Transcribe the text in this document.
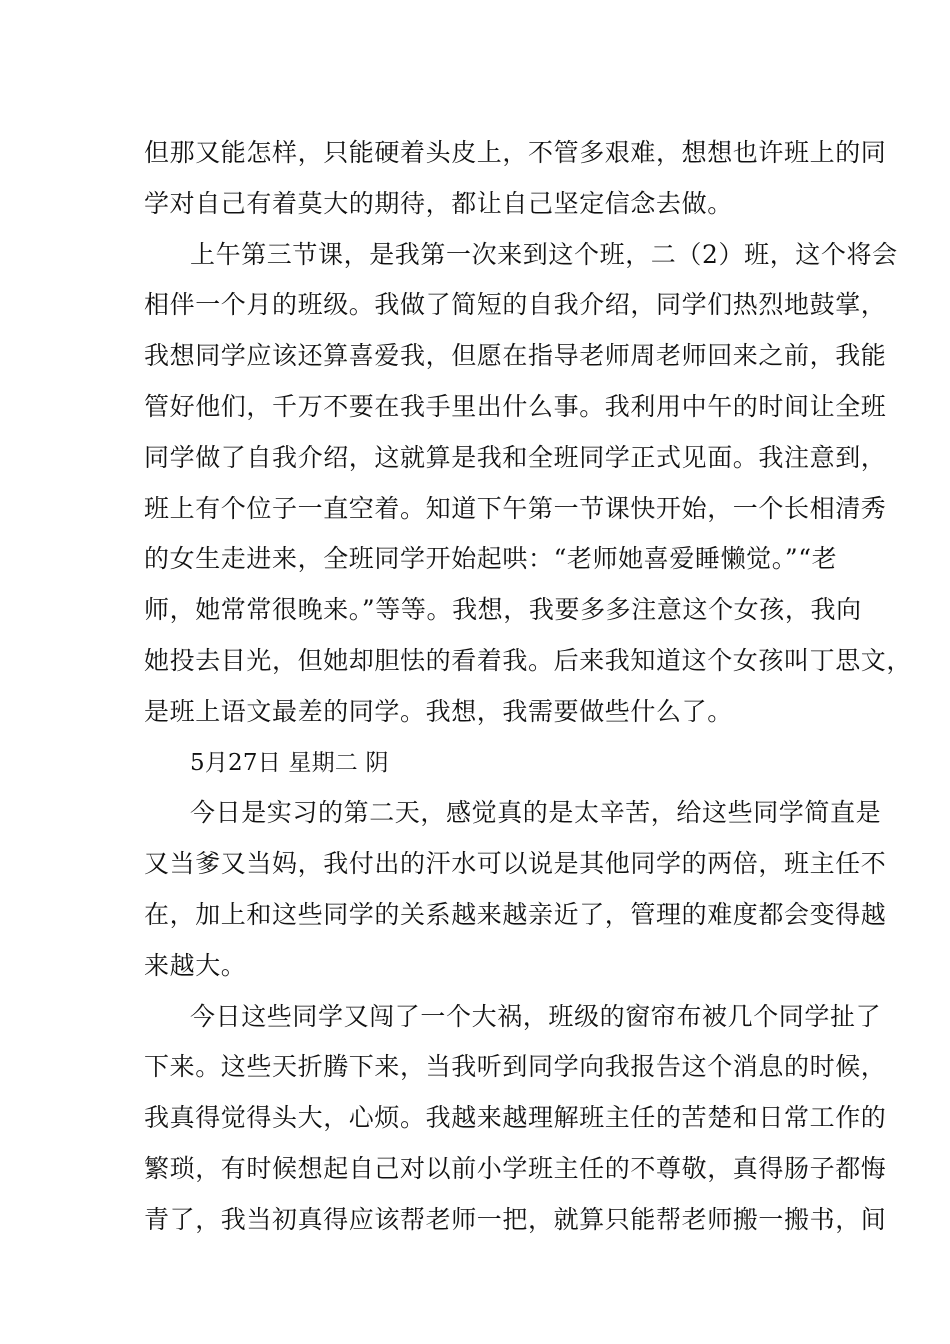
但那又能怎样，只能硬着头皮上，不管多艰难，想想也许班上的同
学对自己有着莫大的期待，都让自己坚定信念去做。

上午第三节课，是我第一次来到这个班，二（2）班，这个将会
相伴一个月的班级。我做了简短的自我介绍，同学们热烈地鼓掌，
我想同学应该还算喜爱我，但愿在指导老师周老师回来之前，我能
管好他们，千万不要在我手里出什么事。我利用中午的时间让全班
同学做了自我介绍，这就算是我和全班同学正式见面。我注意到，
班上有个位子一直空着。知道下午第一节课快开始，一个长相清秀
的女生走进来，全班同学开始起哄：“老师她喜爱睡懒觉。”“老
师，她常常很晚来。”等等。我想，我要多多注意这个女孩，我向
她投去目光，但她却胆怯的看着我。后来我知道这个女孩叫丁思文，
是班上语文最差的同学。我想，我需要做些什么了。

5月27日 星期二 阴

今日是实习的第二天，感觉真的是太辛苦，给这些同学简直是
又当爹又当妈，我付出的汗水可以说是其他同学的两倍，班主任不
在，加上和这些同学的关系越来越亲近了，管理的难度都会变得越
来越大。

今日这些同学又闯了一个大祸，班级的窗帘布被几个同学扯了
下来。这些天折腾下来，当我听到同学向我报告这个消息的时候，
我真得觉得头大，心烦。我越来越理解班主任的苦楚和日常工作的
繁琐，有时候想起自己对以前小学班主任的不尊敬，真得肠子都悔
青了，我当初真得应该帮老师一把，就算只能帮老师搬一搬书，间
